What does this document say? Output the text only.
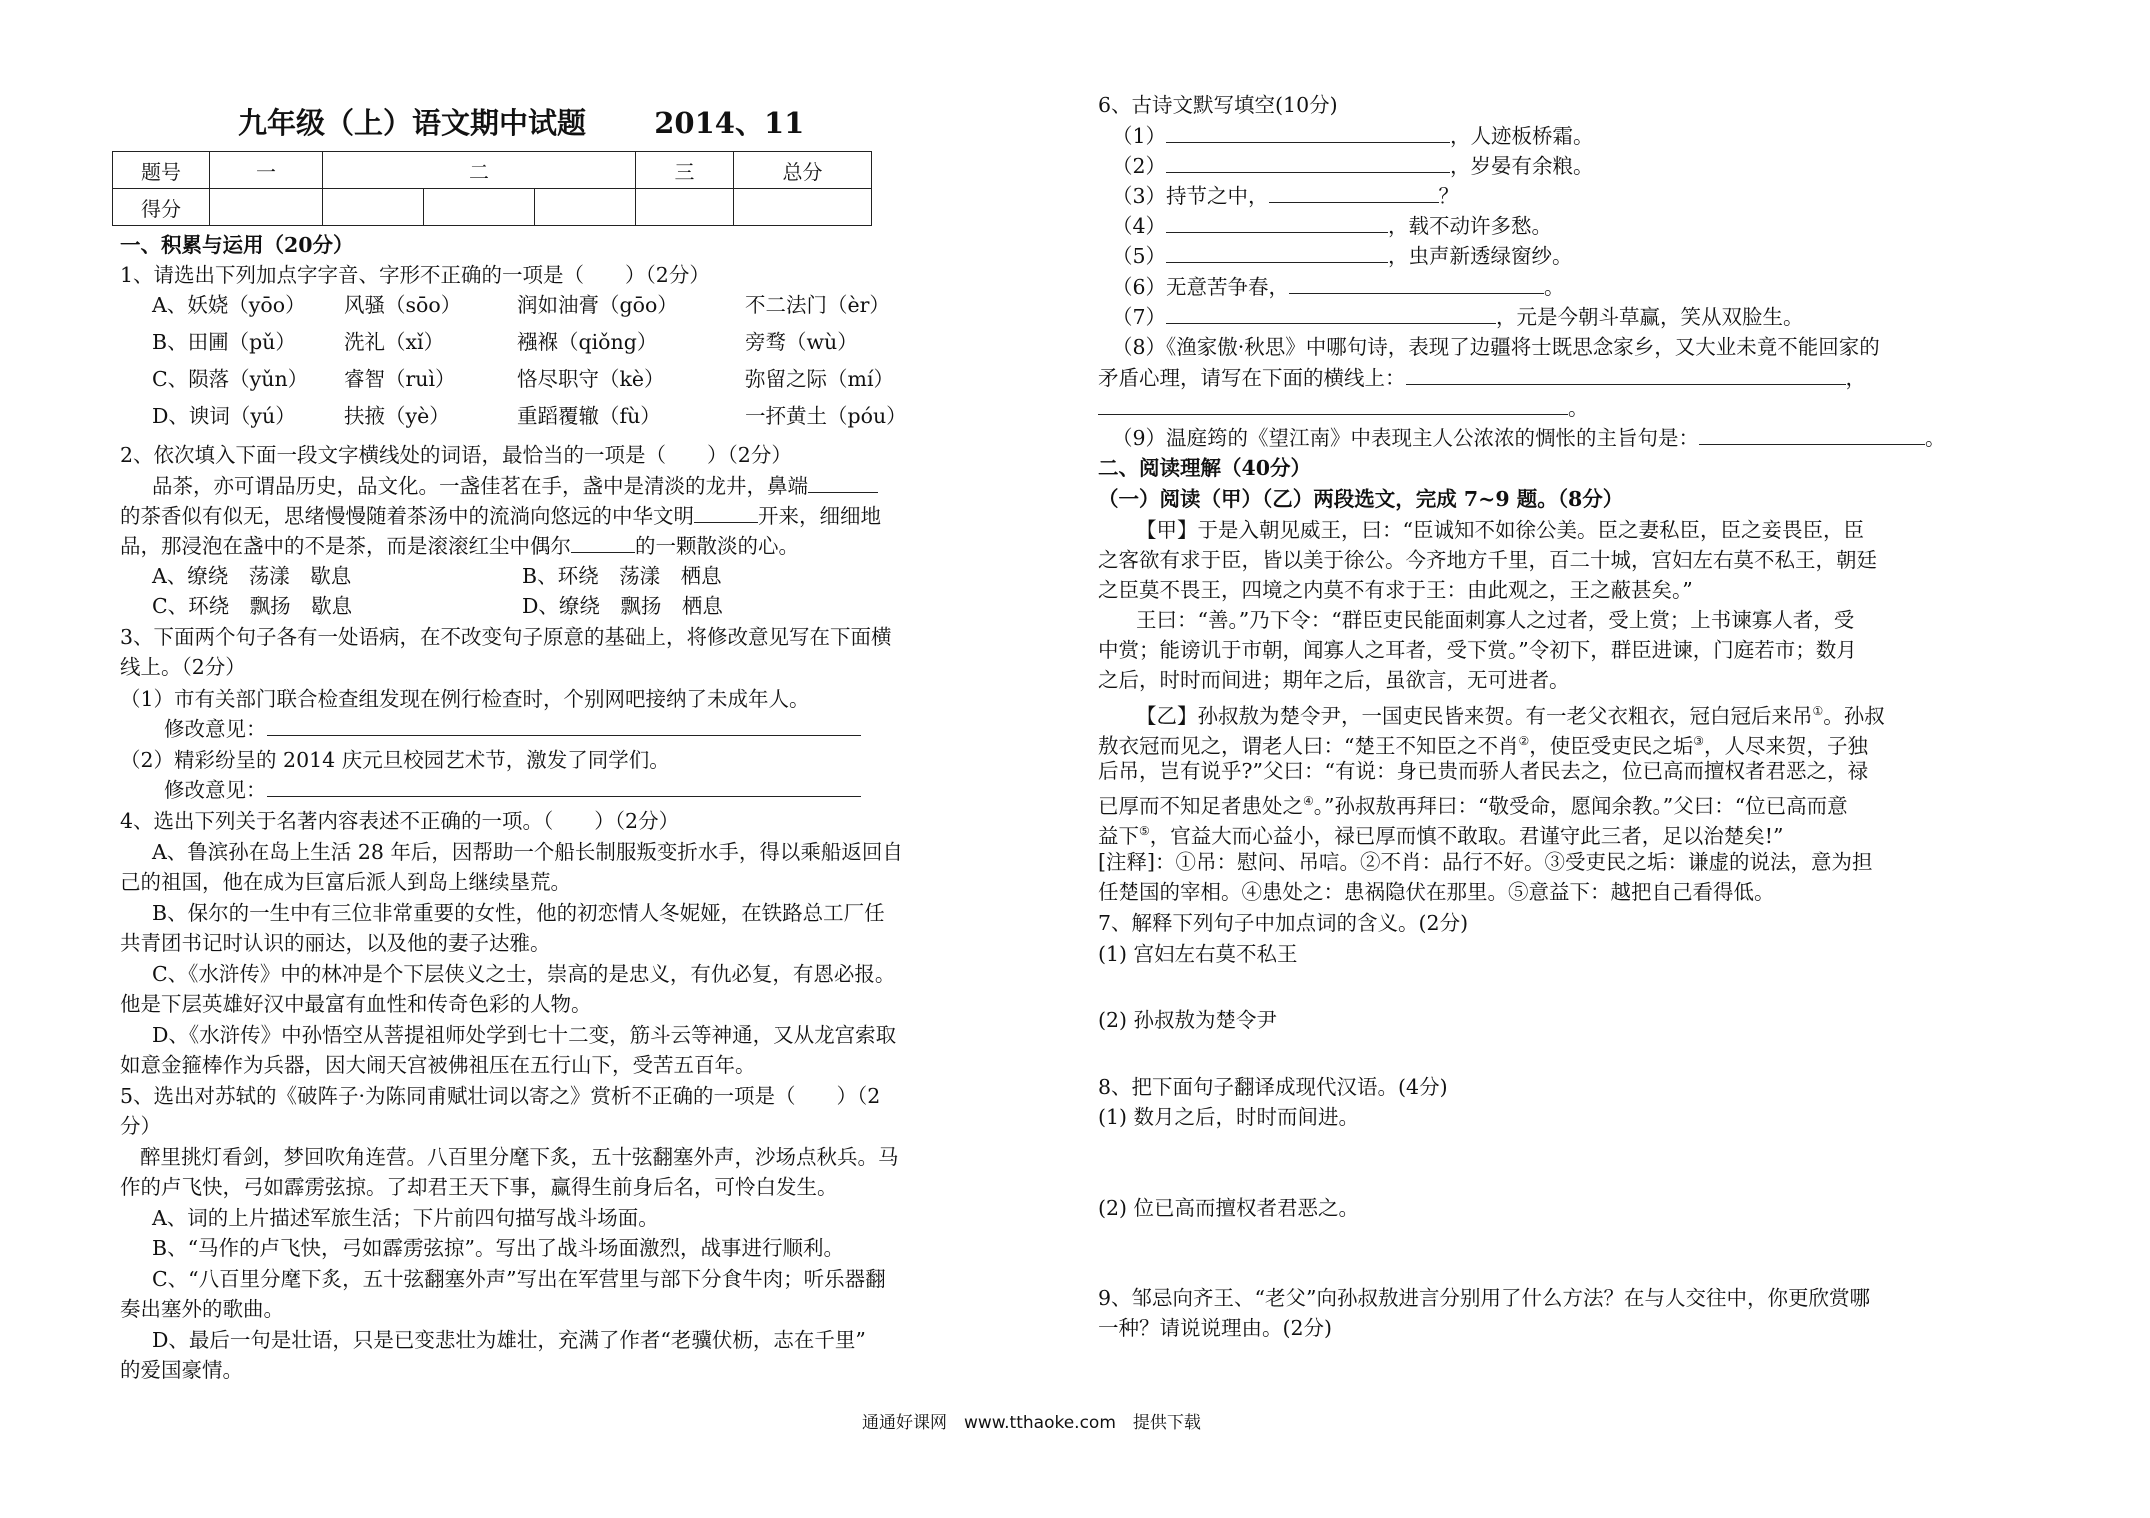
九年级（上）语文期中试题 2014、11
题号	一	二			三	总分
得分						
一、积累与运用（20分）
1、请选出下列加点字字音、字形不正确的一项是（　　）（2分）
A、妖娆（yōo） 风骚（sōo）	润如油膏（gōo）	不二法门（èr）
B、田圃（pǔ） 洗礼（xǐ）	襁褓（qiǒng）	旁骛（wù）
C、陨落（yǔn） 睿智（ruì）	恪尽职守（kè）	弥留之际（mí）
D、谀词（yú） 扶掖（yè）	重蹈覆辙（fù）	一抔黄土（póu）
2、依次填入下面一段文字横线处的词语，最恰当的一项是（　　）（2分）
品茶，亦可谓品历史，品文化。一盏佳茗在手，盏中是清淡的龙井，鼻端
的茶香似有似无，思绪慢慢随着茶汤中的流淌向悠远的中华文明	开来，细细地
品，那浸泡在盏中的不是茶，而是滚滚红尘中偶尔	的一颗散淡的心。
A、缭绕　荡漾　歇息	B、环绕　荡漾　栖息
C、环绕　飘扬　歇息	D、缭绕　飘扬　栖息
3、下面两个句子各有一处语病，在不改变句子原意的基础上，将修改意见写在下面横
线上。（2分）
（1）市有关部门联合检查组发现在例行检查时，个别网吧接纳了未成年人。
修改意见：
（2）精彩纷呈的 2014 庆元旦校园艺术节，激发了同学们。
修改意见：
4、选出下列关于名著内容表述不正确的一项。（　　）（2分）
A、鲁滨孙在岛上生活 28 年后，因帮助一个船长制服叛变折水手，得以乘船返回自
己的祖国，他在成为巨富后派人到岛上继续垦荒。
B、保尔的一生中有三位非常重要的女性，他的初恋情人冬妮娅，在铁路总工厂任
共青团书记时认识的丽达，以及他的妻子达雅。
C、《水浒传》中的林冲是个下层侠义之士，崇高的是忠义，有仇必复，有恩必报。
他是下层英雄好汉中最富有血性和传奇色彩的人物。
D、《水浒传》中孙悟空从菩提祖师处学到七十二变，筋斗云等神通，又从龙宫索取
如意金箍棒作为兵器，因大闹天宫被佛祖压在五行山下，受苦五百年。
5、选出对苏轼的《破阵子·为陈同甫赋壮词以寄之》赏析不正确的一项是（　　）（2
分）
醉里挑灯看剑，梦回吹角连营。八百里分麾下炙，五十弦翻塞外声，沙场点秋兵。马
作的卢飞快，弓如霹雳弦掠。了却君王天下事，赢得生前身后名，可怜白发生。
A、词的上片描述军旅生活；下片前四句描写战斗场面。
B、“马作的卢飞快，弓如霹雳弦掠”。写出了战斗场面激烈，战事进行顺利。
C、“八百里分麾下炙，五十弦翻塞外声”写出在军营里与部下分食牛肉；听乐器翻
奏出塞外的歌曲。
D、最后一句是壮语，只是已变悲壮为雄壮，充满了作者“老骥伏枥，志在千里”
的爱国豪情。
6、古诗文默写填空(10分)
（1）	，人迹板桥霜。
（2）	，岁晏有余粮。
（3）持节之中，	？
（4）	，载不动许多愁。
（5）	，虫声新透绿窗纱。
（6）无意苦争春，	。
（7）	，元是今朝斗草赢，笑从双脸生。
（8）《渔家傲·秋思》中哪句诗，表现了边疆将士既思念家乡，又大业未竟不能回家的
矛盾心理，请写在下面的横线上：	，
。
（9）温庭筠的《望江南》中表现主人公浓浓的惆怅的主旨句是：	。
二、阅读理解（40分）
（一）阅读（甲）（乙）两段选文，完成 7~9 题。（8分）
【甲】于是入朝见威王，曰：“臣诚知不如徐公美。臣之妻私臣，臣之妾畏臣，臣
之客欲有求于臣，皆以美于徐公。今齐地方千里，百二十城，宫妇左右莫不私王，朝廷
之臣莫不畏王，四境之内莫不有求于王：由此观之，王之蔽甚矣。”
王曰：“善。”乃下令：“群臣吏民能面刺寡人之过者，受上赏；上书谏寡人者，受
中赏；能谤讥于市朝，闻寡人之耳者，受下赏。”令初下，群臣进谏，门庭若市；数月
之后，时时而间进；期年之后，虽欲言，无可进者。
【乙】孙叔敖为楚令尹，一国吏民皆来贺。有一老父衣粗衣，冠白冠后来吊①。孙叔
敖衣冠而见之，谓老人曰：“楚王不知臣之不肖②，使臣受吏民之垢③，人尽来贺，子独
后吊，岂有说乎?”父曰：“有说：身已贵而骄人者民去之，位已高而擅权者君恶之，禄
已厚而不知足者患处之④。”孙叔敖再拜曰：“敬受命，愿闻余教。”父曰：“位已高而意
益下⑤，官益大而心益小，禄已厚而慎不敢取。君谨守此三者，足以治楚矣!”
[注释]：①吊：慰问、吊唁。②不肖：品行不好。③受吏民之垢：谦虚的说法，意为担
任楚国的宰相。④患处之：患祸隐伏在那里。⑤意益下：越把自己看得低。
7、解释下列句子中加点词的含义。(2分)
(1) 宫妇左右莫不私王
(2) 孙叔敖为楚令尹
8、把下面句子翻译成现代汉语。(4分)
(1) 数月之后，时时而间进。
(2) 位已高而擅权者君恶之。
9、邹忌向齐王、“老父”向孙叔敖进言分别用了什么方法？在与人交往中，你更欣赏哪
一种？请说说理由。(2分)
通通好课网　www.tthaoke.com　提供下载
